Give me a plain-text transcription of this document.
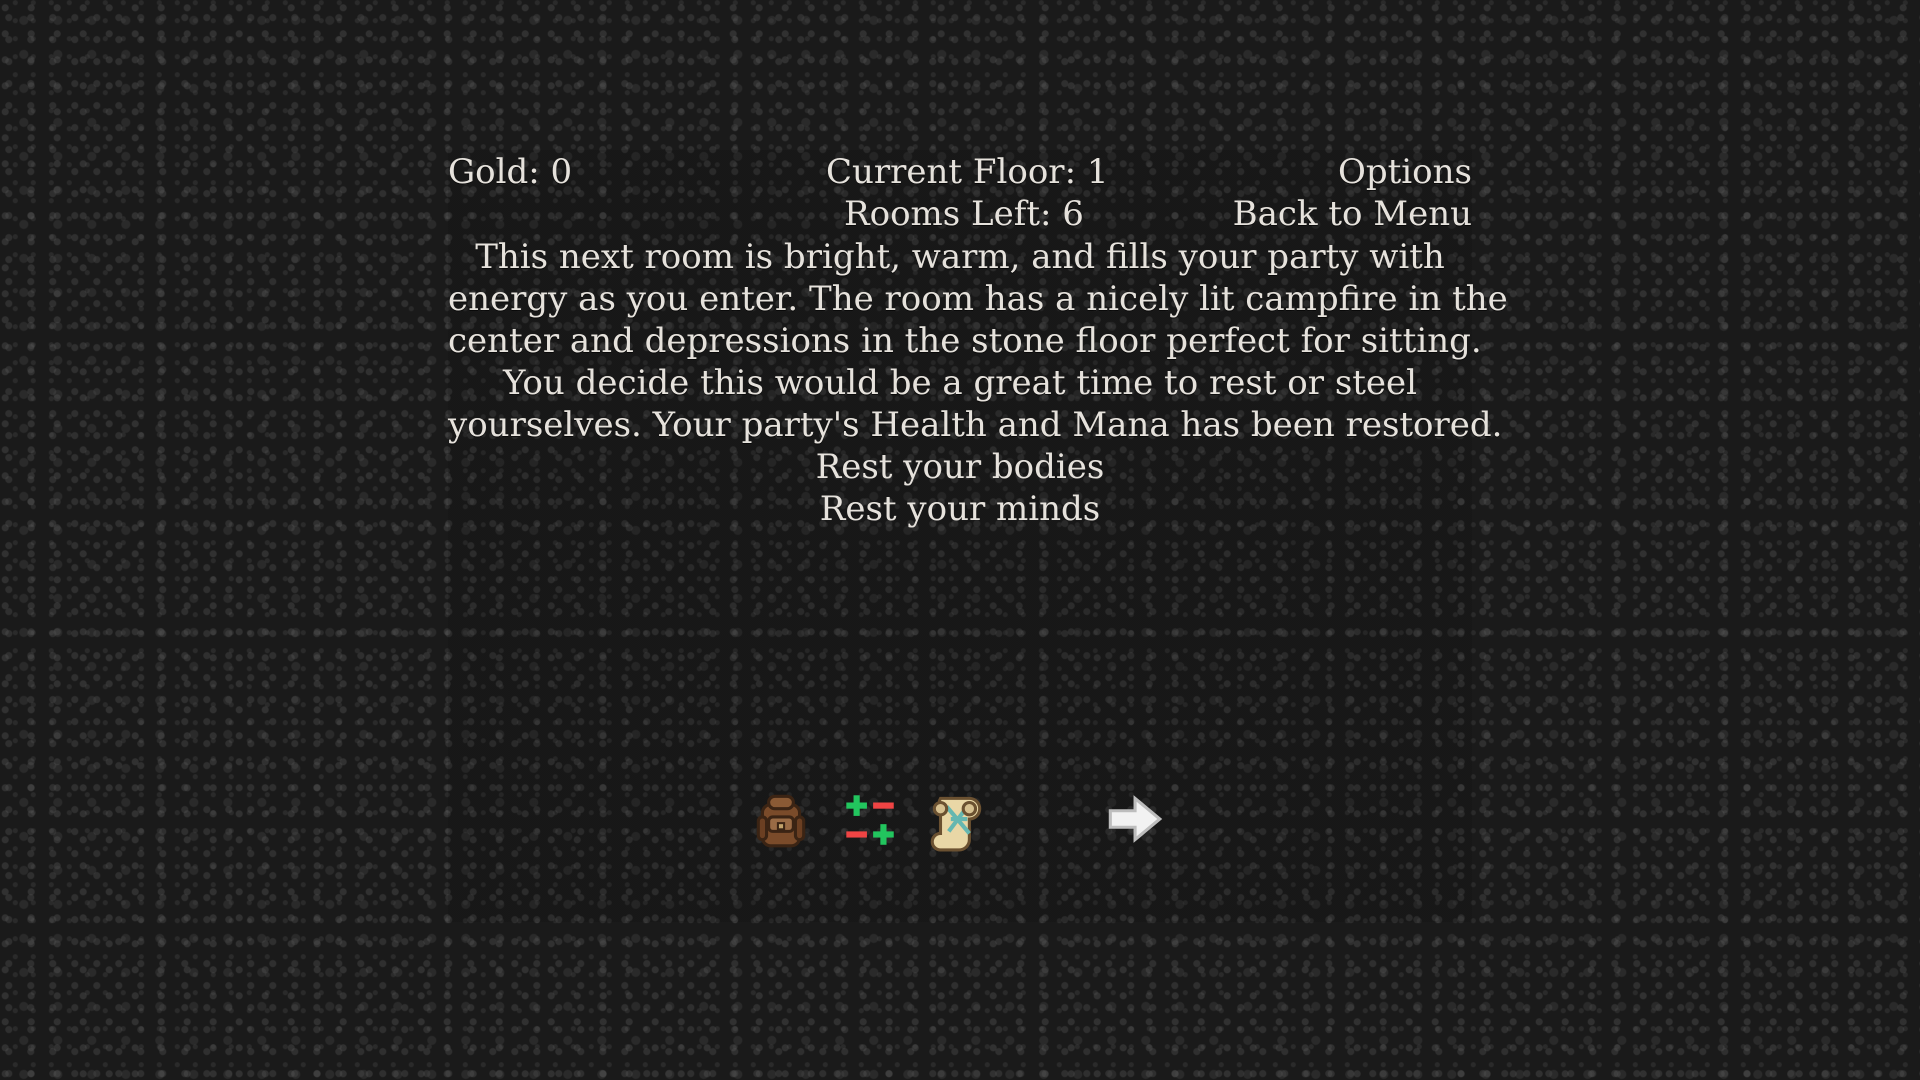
Gold: 0	Current Floor: 1
Rooms Left: 6
Options
Back to Menu
This next room is bright, warm, and fills your party with
energy as you enter. The room has a nicely lit campfire in the
center and depressions in the stone floor perfect for sitting.
You decide this would be a great time to rest or steel
yourselves. Your party's Health and Mana has been restored.
Rest your bodies
Rest your minds
